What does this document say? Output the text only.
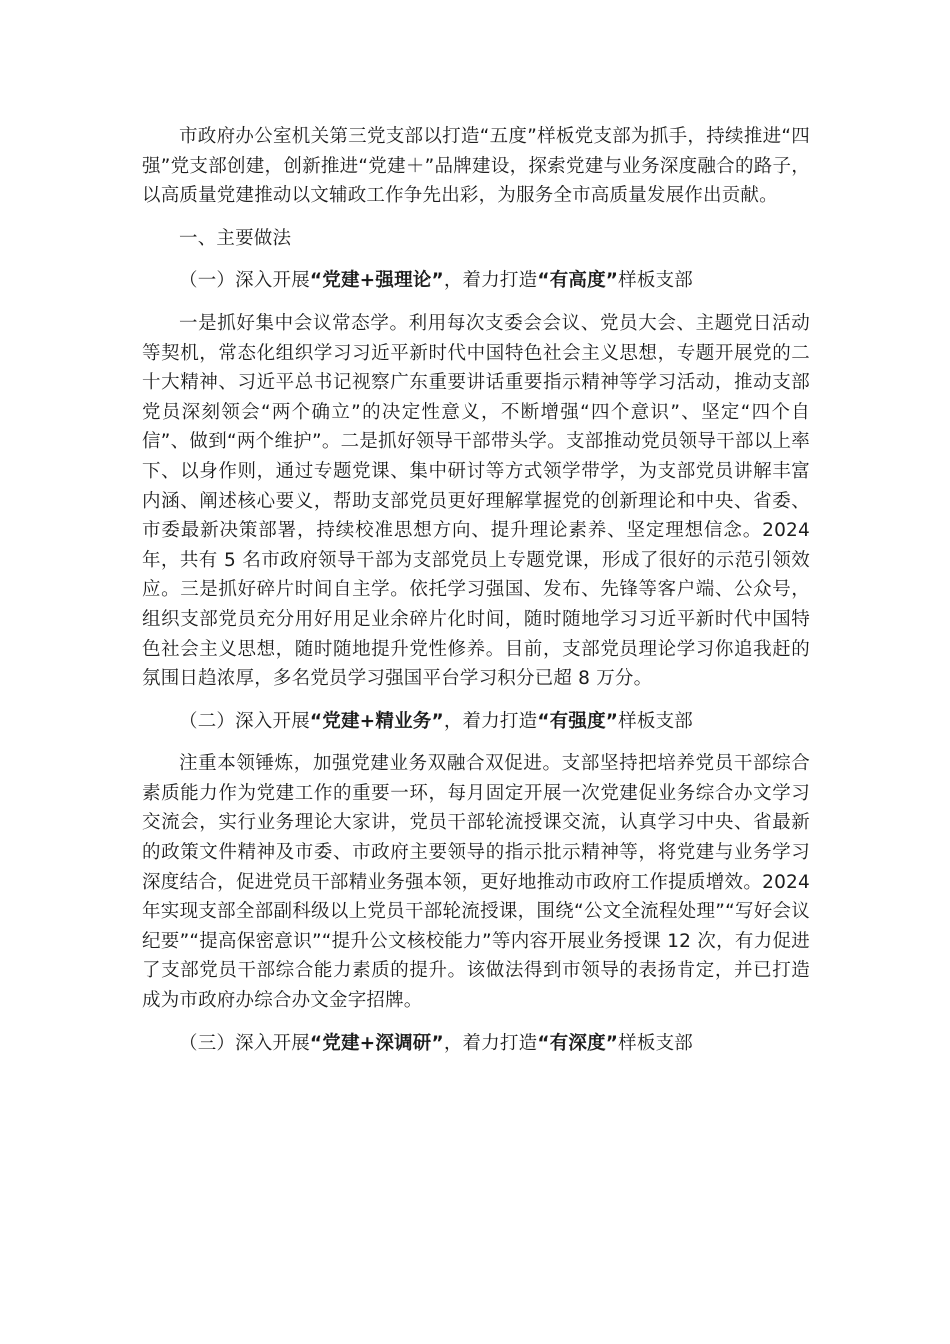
市政府办公室机关第三党支部以打造“五度”样板党支部为抓手，持续推进“四强”党支部创建，创新推进“党建＋”品牌建设，探索党建与业务深度融合的路子，以高质量党建推动以文辅政工作争先出彩，为服务全市高质量发展作出贡献。

一、主要做法

（一）深入开展“党建+强理论”，着力打造“有高度”样板支部

一是抓好集中会议常态学。利用每次支委会会议、党员大会、主题党日活动等契机，常态化组织学习习近平新时代中国特色社会主义思想，专题开展党的二十大精神、习近平总书记视察广东重要讲话重要指示精神等学习活动，推动支部党员深刻领会“两个确立”的决定性意义，不断增强“四个意识”、坚定“四个自信”、做到“两个维护”。二是抓好领导干部带头学。支部推动党员领导干部以上率下、以身作则，通过专题党课、集中研讨等方式领学带学，为支部党员讲解丰富内涵、阐述核心要义，帮助支部党员更好理解掌握党的创新理论和中央、省委、市委最新决策部署，持续校准思想方向、提升理论素养、坚定理想信念。2024 年，共有 5 名市政府领导干部为支部党员上专题党课，形成了很好的示范引领效应。三是抓好碎片时间自主学。依托学习强国、发布、先锋等客户端、公众号，组织支部党员充分用好用足业余碎片化时间，随时随地学习习近平新时代中国特色社会主义思想，随时随地提升党性修养。目前，支部党员理论学习你追我赶的氛围日趋浓厚，多名党员学习强国平台学习积分已超 8 万分。

（二）深入开展“党建+精业务”，着力打造“有强度”样板支部

注重本领锤炼，加强党建业务双融合双促进。支部坚持把培养党员干部综合素质能力作为党建工作的重要一环，每月固定开展一次党建促业务综合办文学习交流会，实行业务理论大家讲，党员干部轮流授课交流，认真学习中央、省最新的政策文件精神及市委、市政府主要领导的指示批示精神等，将党建与业务学习深度结合，促进党员干部精业务强本领，更好地推动市政府工作提质增效。2024 年实现支部全部副科级以上党员干部轮流授课，围绕“公文全流程处理”“写好会议纪要”“提高保密意识”“提升公文核校能力”等内容开展业务授课 12 次，有力促进了支部党员干部综合能力素质的提升。该做法得到市领导的表扬肯定，并已打造成为市政府办综合办文金字招牌。

（三）深入开展“党建+深调研”，着力打造“有深度”样板支部
